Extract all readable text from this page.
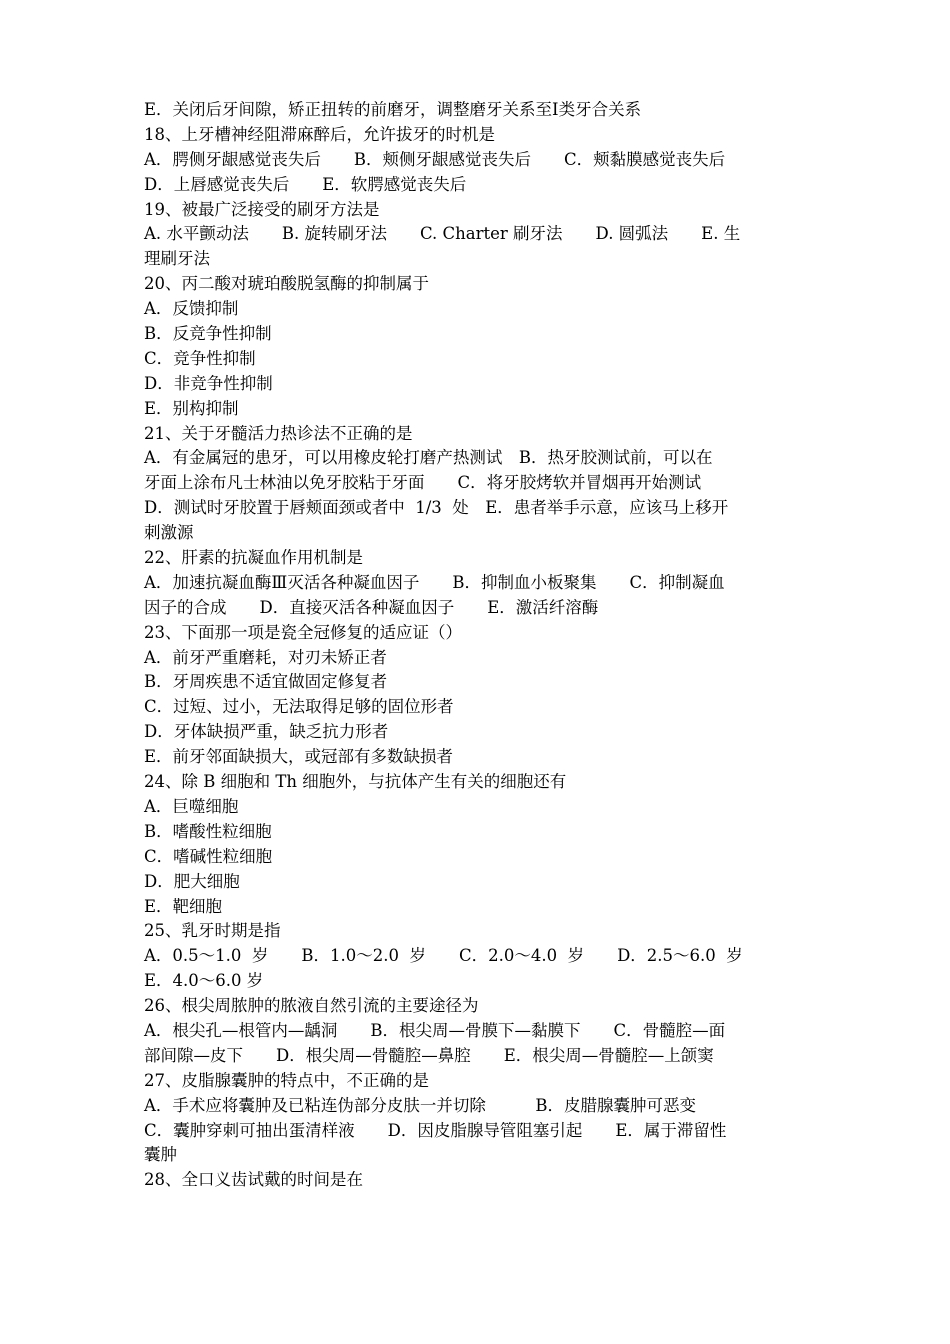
E．关闭后牙间隙，矫正扭转的前磨牙，调整磨牙关系至Ⅰ类牙合关系
18、上牙槽神经阻滞麻醉后，允许拔牙的时机是
A．腭侧牙龈感觉丧失后　　B．颊侧牙龈感觉丧失后　　C．颊黏膜感觉丧失后
D．上唇感觉丧失后　　E．软腭感觉丧失后
19、被最广泛接受的刷牙方法是
A. 水平颤动法　　B. 旋转刷牙法　　C. Charter 刷牙法　　D. 圆弧法　　E. 生
理刷牙法
20、丙二酸对琥珀酸脱氢酶的抑制属于
A．反馈抑制
B．反竞争性抑制
C．竞争性抑制
D．非竞争性抑制
E．别构抑制
21、关于牙髓活力热诊法不正确的是
A．有金属冠的患牙，可以用橡皮轮打磨产热测试　B．热牙胶测试前，可以在
牙面上涂布凡士林油以免牙胶粘于牙面　　C．将牙胶烤软并冒烟再开始测试
D．测试时牙胶置于唇颊面颈或者中  1/3  处　E．患者举手示意，应该马上移开
刺激源
22、肝素的抗凝血作用机制是
A．加速抗凝血酶Ⅲ灭活各种凝血因子　　B．抑制血小板聚集　　C．抑制凝血
因子的合成　　D．直接灭活各种凝血因子　　E．激活纤溶酶
23、下面那一项是瓷全冠修复的适应证（）
A．前牙严重磨耗，对刃未矫正者
B．牙周疾患不适宜做固定修复者
C．过短、过小，无法取得足够的固位形者
D．牙体缺损严重，缺乏抗力形者
E．前牙邻面缺损大，或冠部有多数缺损者
24、除 B 细胞和 Th 细胞外，与抗体产生有关的细胞还有
A．巨噬细胞
B．嗜酸性粒细胞
C．嗜碱性粒细胞
D．肥大细胞
E．靶细胞
25、乳牙时期是指
A．0.5～1.0  岁　　B．1.0～2.0  岁　　C．2.0～4.0  岁　　D．2.5～6.0  岁
E．4.0～6.0 岁
26、根尖周脓肿的脓液自然引流的主要途径为
A．根尖孔—根管内—龋洞　　B．根尖周—骨膜下—黏膜下　　C．骨髓腔—面
部间隙—皮下　　D．根尖周—骨髓腔—鼻腔　　E．根尖周—骨髓腔—上颌窦
27、皮脂腺囊肿的特点中，不正确的是
A．手术应将囊肿及已粘连伪部分皮肤一并切除　　　B．皮腊腺囊肿可恶变
C．囊肿穿刺可抽出蛋清样液　　D．因皮脂腺导管阻塞引起　　E．属于滞留性
囊肿
28、全口义齿试戴的时间是在
